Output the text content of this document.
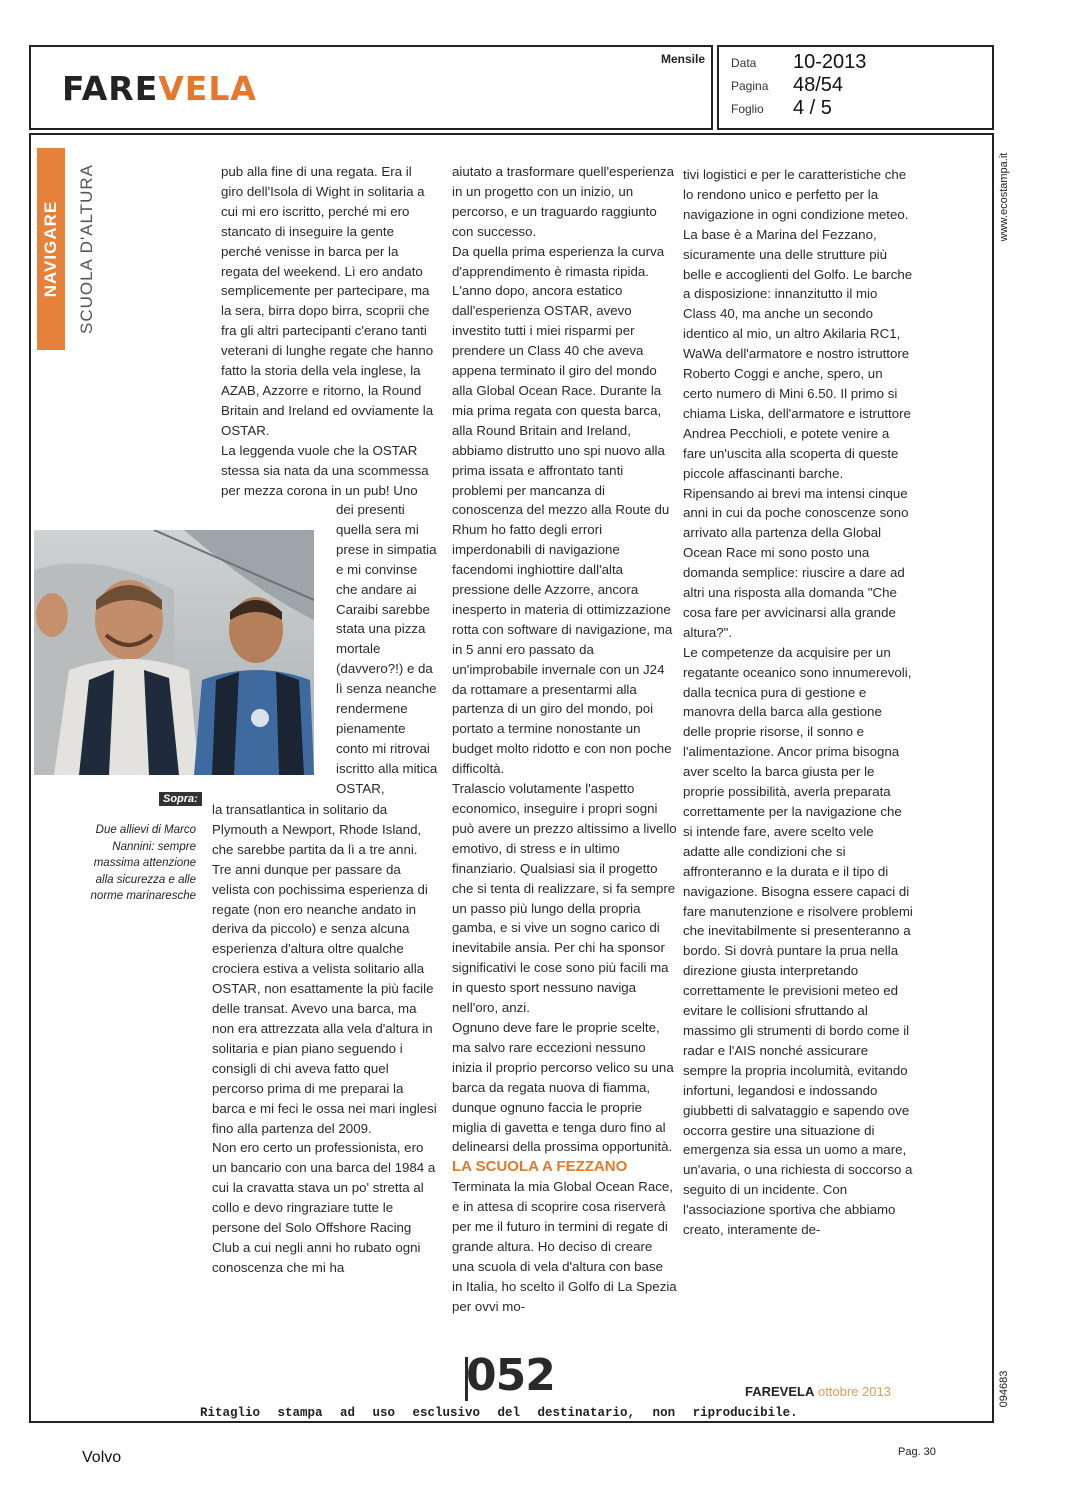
FAREVELA
Mensile Data 10-2013
Pagina 48/54
Foglio 4 / 5
www.ecostampa.it
094683
NAVIGARE SCUOLA D'ALTURA	pub alla fine di una regata. Era il giro dell'Isola di Wight in solitaria a cui mi ero iscritto, perché mi ero stancato di inseguire la gente perché venisse in barca per la regata del weekend. Lì ero andato semplicemente per partecipare, ma la sera, birra dopo birra, scoprii che fra gli altri partecipanti c'erano tanti veterani di lunghe regate che hanno fatto la storia della vela inglese, la AZAB, Azzorre e ritorno, la Round Britain and Ireland ed ovviamente la OSTAR.

La leggenda vuole che la OSTAR stessa sia nata da una scommessa per mezza corona in un pub! Uno

dei presenti quella sera mi prese in simpatia e mi convinse che andare ai Caraibi sarebbe stata una pizza mortale (davvero?!) e da lì senza neanche rendermene pienamente conto mi ritrovai iscritto alla mitica OSTAR,

Sopra:
Due allievi di Marco Nannini: sempre massima attenzione alla sicurezza e alle norme marinaresche

la transatlantica in solitario da Plymouth a Newport, Rhode Island, che sarebbe partita da lì a tre anni.

Tre anni dunque per passare da velista con pochissima esperienza di regate (non ero neanche andato in deriva da piccolo) e senza alcuna esperienza d'altura oltre qualche crociera estiva a velista solitario alla OSTAR, non esattamente la più facile delle transat. Avevo una barca, ma non era attrezzata alla vela d'altura in solitaria e pian piano seguendo i consigli di chi aveva fatto quel percorso prima di me preparai la barca e mi feci le ossa nei mari inglesi fino alla partenza del 2009.

Non ero certo un professionista, ero un bancario con una barca del 1984 a cui la cravatta stava un po' stretta al collo e devo ringraziare tutte le persone del Solo Offshore Racing Club a cui negli anni ho rubato ogni conoscenza che mi ha

aiutato a trasformare quell'esperienza in un progetto con un inizio, un percorso, e un traguardo raggiunto con successo.

Da quella prima esperienza la curva d'apprendimento è rimasta ripida. L'anno dopo, ancora estatico dall'esperienza OSTAR, avevo investito tutti i miei risparmi per prendere un Class 40 che aveva appena terminato il giro del mondo alla Global Ocean Race. Durante la mia prima regata con questa barca, alla Round Britain and Ireland, abbiamo distrutto uno spi nuovo alla prima issata e affrontato tanti problemi per mancanza di conoscenza del mezzo alla Route du Rhum ho fatto degli errori imperdonabili di navigazione facendomi inghiottire dall'alta pressione delle Azzorre, ancora inesperto in materia di ottimizzazione rotta con software di navigazione, ma in 5 anni ero passato da un'improbabile invernale con un J24 da rottamare a presentarmi alla partenza di un giro del mondo, poi portato a termine nonostante un budget molto ridotto e con non poche difficoltà.

Tralascio volutamente l'aspetto economico, inseguire i propri sogni può avere un prezzo altissimo a livello emotivo, di stress e in ultimo finanziario. Qualsiasi sia il progetto che si tenta di realizzare, si fa sempre un passo più lungo della propria gamba, e si vive un sogno carico di inevitabile ansia. Per chi ha sponsor significativi le cose sono più facili ma in questo sport nessuno naviga nell'oro, anzi.

Ognuno deve fare le proprie scelte, ma salvo rare eccezioni nessuno inizia il proprio percorso velico su una barca da regata nuova di fiamma, dunque ognuno faccia le proprie miglia di gavetta e tenga duro fino al delinearsi della prossima opportunità.

LA SCUOLA A FEZZANO

Terminata la mia Global Ocean Race, e in attesa di scoprire cosa riserverà per me il futuro in termini di regate di grande altura. Ho deciso di creare una scuola di vela d'altura con base in Italia, ho scelto il Golfo di La Spezia per ovvi mo-

tivi logistici e per le caratteristiche che lo rendono unico e perfetto per la navigazione in ogni condizione meteo. La base è a Marina del Fezzano, sicuramente una delle strutture più belle e accoglienti del Golfo. Le barche a disposizione: innanzitutto il mio Class 40, ma anche un secondo identico al mio, un altro Akilaria RC1, WaWa dell'armatore e nostro istruttore Roberto Coggi e anche, spero, un certo numero di Mini 6.50. Il primo si chiama Liska, dell'armatore e istruttore Andrea Pecchioli, e potete venire a fare un'uscita alla scoperta di queste piccole affascinanti barche.

Ripensando ai brevi ma intensi cinque anni in cui da poche conoscenze sono arrivato alla partenza della Global Ocean Race mi sono posto una domanda semplice: riuscire a dare ad altri una risposta alla domanda "Che cosa fare per avvicinarsi alla grande altura?".

Le competenze da acquisire per un regatante oceanico sono innumerevoli, dalla tecnica pura di gestione e manovra della barca alla gestione delle proprie risorse, il sonno e l'alimentazione. Ancor prima bisogna aver scelto la barca giusta per le proprie possibilità, averla preparata correttamente per la navigazione che si intende fare, avere scelto vele adatte alle condizioni che si affronteranno e la durata e il tipo di navigazione. Bisogna essere capaci di fare manutenzione e risolvere problemi che inevitabilmente si presenteranno a bordo. Si dovrà puntare la prua nella direzione giusta interpretando correttamente le previsioni meteo ed evitare le collisioni sfruttando al massimo gli strumenti di bordo come il radar e l'AIS nonché assicurare sempre la propria incolumità, evitando infortuni, legandosi e indossando giubbetti di salvataggio e sapendo ove occorra gestire una situazione di emergenza sia essa un uomo a mare, un'avaria, o una richiesta di soccorso a seguito di un incidente. Con l'associazione sportiva che abbiamo creato, interamente de-

052	FAREVELA ottobre 2013
Ritaglio stampa ad uso esclusivo del destinatario, non riproducibile.
Volvo	Pag. 30
